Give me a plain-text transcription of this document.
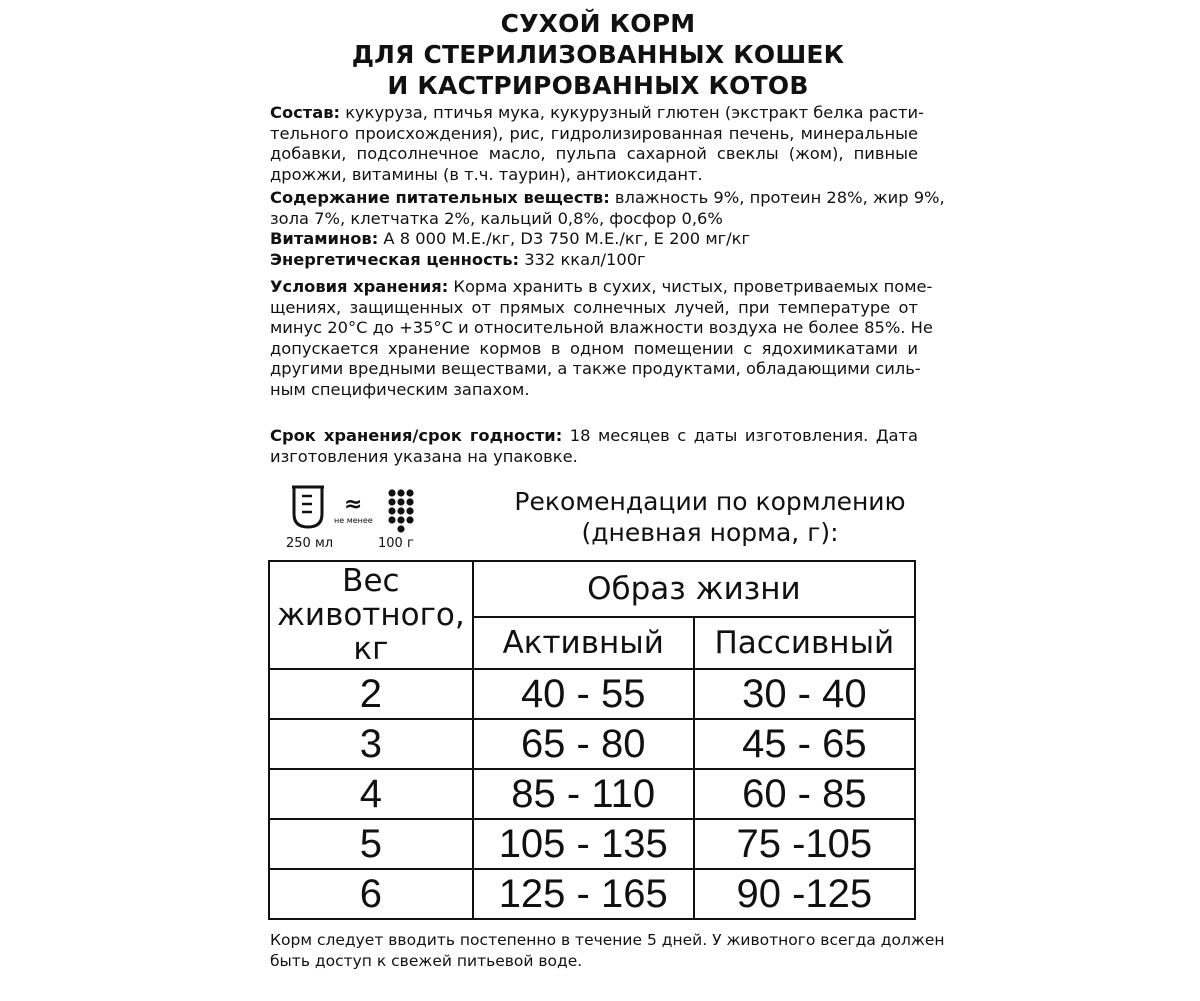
СУХОЙ КОРМ
ДЛЯ СТЕРИЛИЗОВАННЫХ КОШЕК
И КАСТРИРОВАННЫХ КОТОВ
Состав: кукуруза, птичья мука, кукурузный глютен (экстракт белка расти-
тельного происхождения), рис, гидролизированная печень, минеральные
добавки, подсолнечное масло, пульпа сахарной свеклы (жом), пивные
дрожжи, витамины (в т.ч. таурин), антиоксидант.
Содержание питательных веществ: влажность 9%, протеин 28%, жир 9%,
зола 7%, клетчатка 2%, кальций 0,8%, фосфор 0,6%
Витаминов: А 8 000 М.Е./кг, D3 750 М.Е./кг, Е 200 мг/кг
Энергетическая ценность: 332 ккал/100г
Условия хранения: Корма хранить в сухих, чистых, проветриваемых поме-
щениях, защищенных от прямых солнечных лучей, при температуре от
минус 20°С до +35°С и относительной влажности воздуха не более 85%. Не
допускается хранение кормов в одном помещении с ядохимикатами и
другими вредными веществами, а также продуктами, обладающими силь-
ным специфическим запахом.
Срок хранения/срок годности: 18 месяцев с даты изготовления. Дата
изготовления указана на упаковке.
≈
не менее
250 мл	100 г
Рекомендации по кормлению
(дневная норма, г):
Вес
животного,
кг	Образ жизни	
	Активный	Пассивный
2	40 - 55	30 - 40
3	65 - 80	45 - 65
4	85 - 110	60 - 85
5	105 - 135	75 -105
6	125 - 165	90 -125
Корм следует вводить постепенно в течение 5 дней. У животного всегда должен
быть доступ к свежей питьевой воде.
